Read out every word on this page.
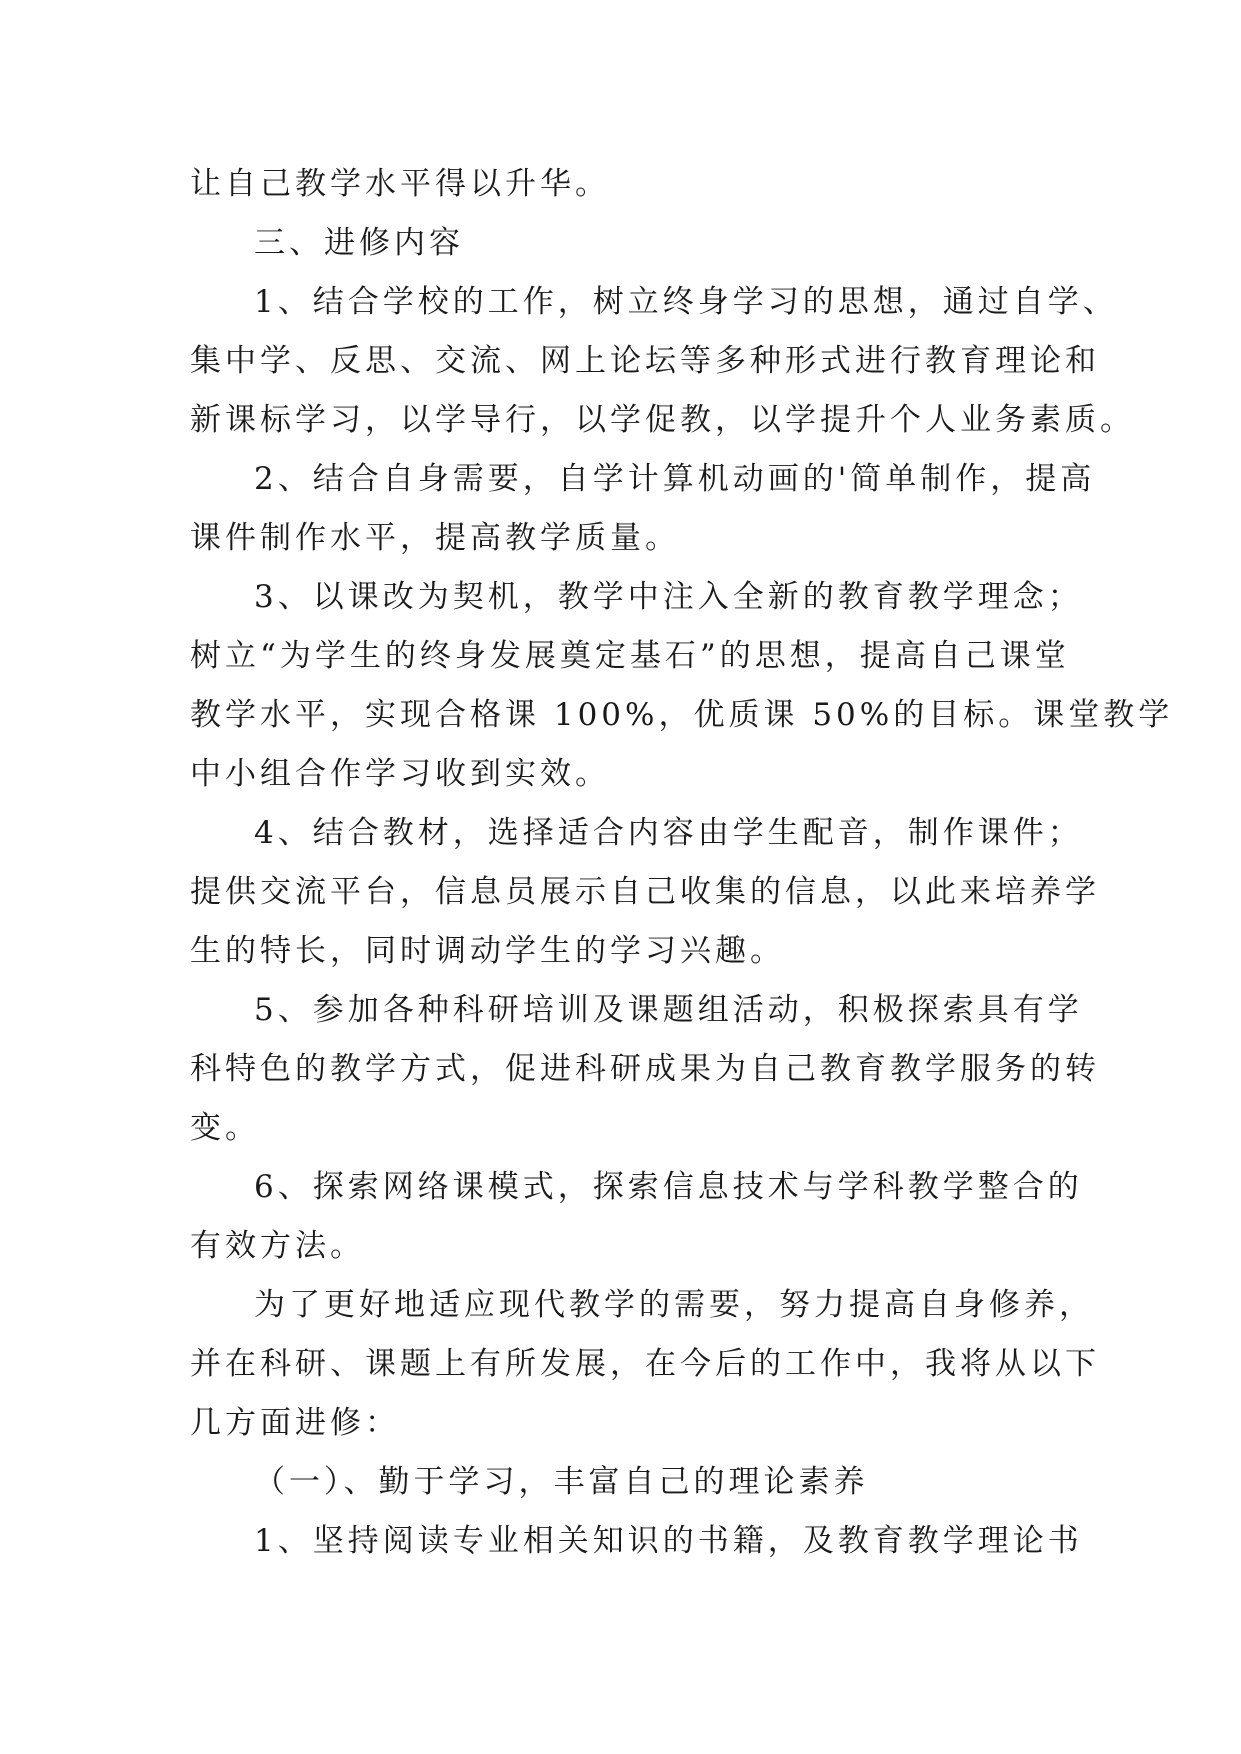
让自己教学水平得以升华。
三、进修内容
1、结合学校的工作，树立终身学习的思想，通过自学、
集中学、反思、交流、网上论坛等多种形式进行教育理论和
新课标学习，以学导行，以学促教，以学提升个人业务素质。
2、结合自身需要，自学计算机动画的'简单制作，提高
课件制作水平，提高教学质量。
3、以课改为契机，教学中注入全新的教育教学理念；
树立“为学生的终身发展奠定基石”的思想，提高自己课堂
教学水平，实现合格课 100%，优质课 50%的目标。课堂教学
中小组合作学习收到实效。
4、结合教材，选择适合内容由学生配音，制作课件；
提供交流平台，信息员展示自己收集的信息，以此来培养学
生的特长，同时调动学生的学习兴趣。
5、参加各种科研培训及课题组活动，积极探索具有学
科特色的教学方式，促进科研成果为自己教育教学服务的转
变。
6、探索网络课模式，探索信息技术与学科教学整合的
有效方法。
为了更好地适应现代教学的需要，努力提高自身修养，
并在科研、课题上有所发展，在今后的工作中，我将从以下
几方面进修：
（一）、勤于学习，丰富自己的理论素养
1、坚持阅读专业相关知识的书籍，及教育教学理论书
